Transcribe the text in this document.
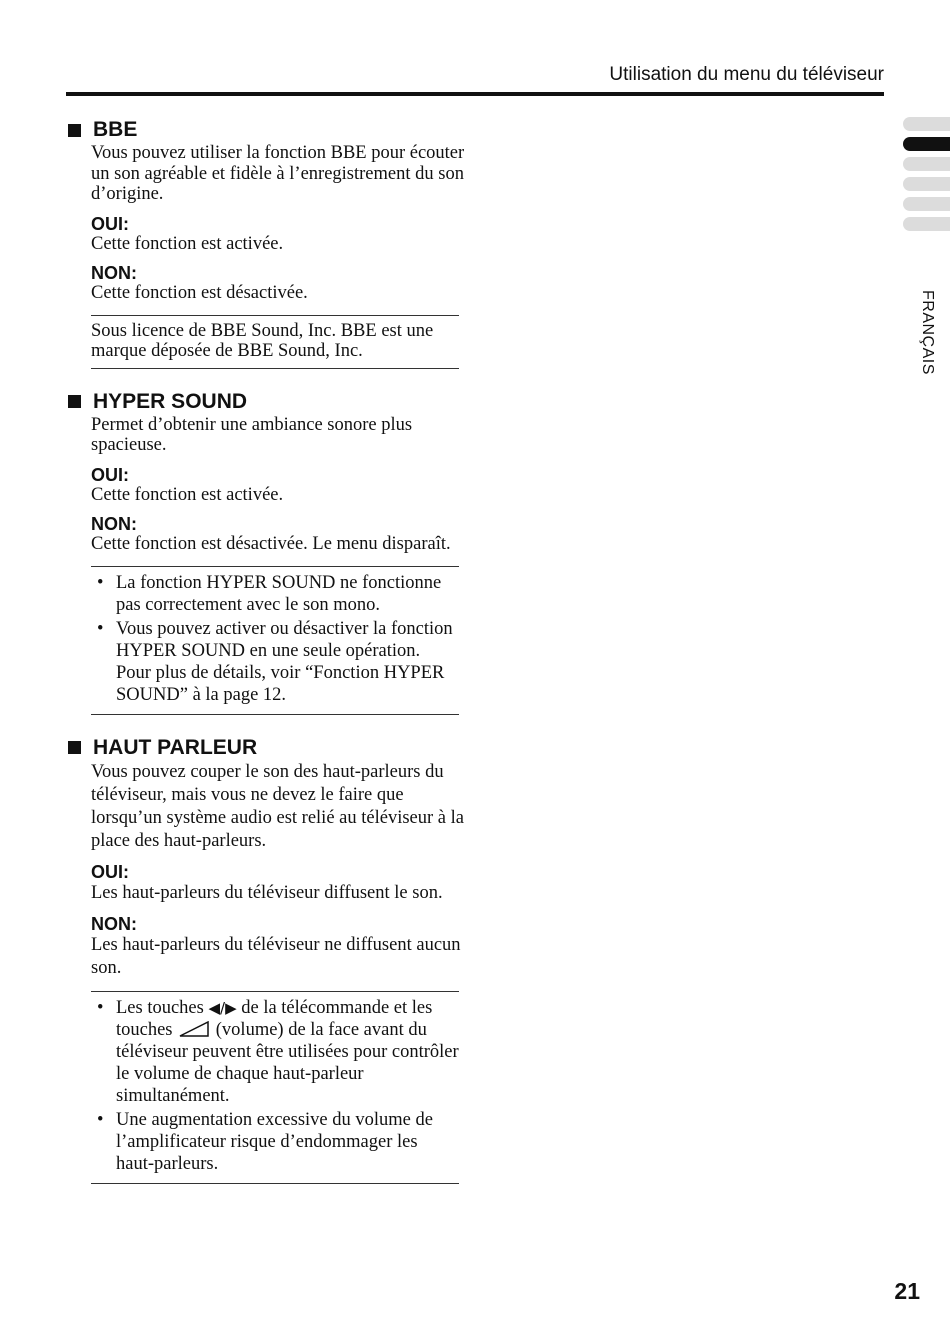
Utilisation du menu du téléviseur
FRANÇAIS
BBE

Vous pouvez utiliser la fonction BBE pour écouter un son agréable et fidèle à l’enregistrement du son d’origine.

OUI:

Cette fonction est activée.

NON:

Cette fonction est désactivée.

Sous licence de BBE Sound, Inc. BBE est une marque déposée de BBE Sound, Inc.

HYPER SOUND

Permet d’obtenir une ambiance sonore plus spacieuse.

OUI:

Cette fonction est activée.

NON:

Cette fonction est désactivée. Le menu disparaît.

• La fonction HYPER SOUND ne fonctionne pas correctement avec le son mono.
• Vous pouvez activer ou désactiver la fonction HYPER SOUND en une seule opération. Pour plus de détails, voir “Fonction HYPER SOUND” à la page 12.
HAUT PARLEUR

Vous pouvez couper le son des haut-parleurs du téléviseur, mais vous ne devez le faire que lorsqu’un système audio est relié au téléviseur à la place des haut-parleurs.

OUI:

Les haut-parleurs du téléviseur diffusent le son.

NON:

Les haut-parleurs du téléviseur ne diffusent aucun son.

• Les touches ◀/▶ de la télécommande et les touches (volume) de la face avant du téléviseur peuvent être utilisées pour contrôler le volume de chaque haut-parleur simultanément.
• Une augmentation excessive du volume de l’amplificateur risque d’endommager les haut-parleurs.
21
